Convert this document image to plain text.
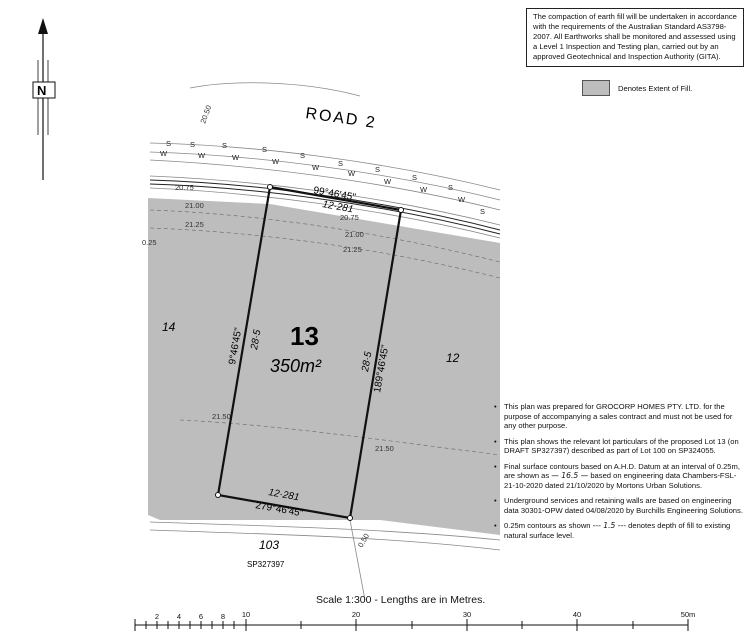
ROAD 2
20.50
20.75
20.75
21.00
21.00
21.25
21.25
0.25
21.50
21.50
0.50
S
W
S
W
S
W
S
W
S
W	S
W	S
W	S
W	S
W
S
13
350m²
99°46'45"
12·281
279°46'45"
12·281
9°46'45" 28·5
189°46'45"
28·5
14
12
103
SP327397
N
2 4 6 8 10	20	30	40	50m
The compaction of earth fill will be undertaken in accordance with the requirements of the Australian Standard AS3798-2007. All Earthworks shall be monitored and assessed using a Level 1 Inspection and Testing plan, carried out by an approved Geotechnical and Inspection Authority (GITA).
Denotes Extent of Fill.
• This plan was prepared for GROCORP HOMES PTY. LTD. for the purpose of accompanying a sales contract and must not be used for any other purpose.
• This plan shows the relevant lot particulars of the proposed Lot 13 (on DRAFT SP327397) described as part of Lot 100 on SP324055.
• Final surface contours based on A.H.D. Datum at an interval of 0.25m, are shown as — 16.5 — based on engineering data Chambers-FSL-21-10-2020 dated 21/10/2020 by Mortons Urban Solutions.
• Underground services and retaining walls are based on engineering data 30301-OPW dated 04/08/2020 by Burchills Engineering Solutions.
• 0.25m contours as shown --- 1.5 --- denotes depth of fill to existing natural surface level.
Scale 1:300 - Lengths are in Metres.
